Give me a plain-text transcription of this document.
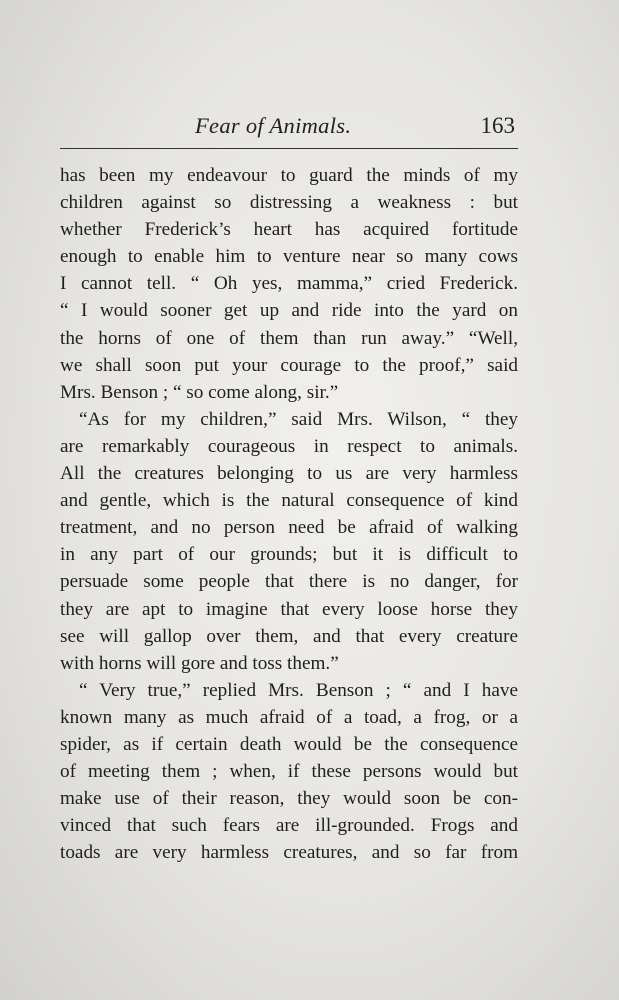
Fear of Animals.	163
has been my endeavour to guard the minds of my
children against so distressing a weakness : but
whether Frederick’s heart has acquired fortitude
enough to enable him to venture near so many cows
I cannot tell. “ Oh yes, mamma,” cried Frederick.
“ I would sooner get up and ride into the yard on
the horns of one of them than run away.” “Well,
we shall soon put your courage to the proof,” said
Mrs. Benson ; “ so come along, sir.”
“As for my children,” said Mrs. Wilson, “ they
are remarkably courageous in respect to animals.
All the creatures belonging to us are very harmless
and gentle, which is the natural consequence of kind
treatment, and no person need be afraid of walking
in any part of our grounds; but it is difficult to
persuade some people that there is no danger, for
they are apt to imagine that every loose horse they
see will gallop over them, and that every creature
with horns will gore and toss them.”
“ Very true,” replied Mrs. Benson ; “ and I have
known many as much afraid of a toad, a frog, or a
spider, as if certain death would be the consequence
of meeting them ; when, if these persons would but
make use of their reason, they would soon be con-
vinced that such fears are ill-grounded. Frogs and
toads are very harmless creatures, and so far from
